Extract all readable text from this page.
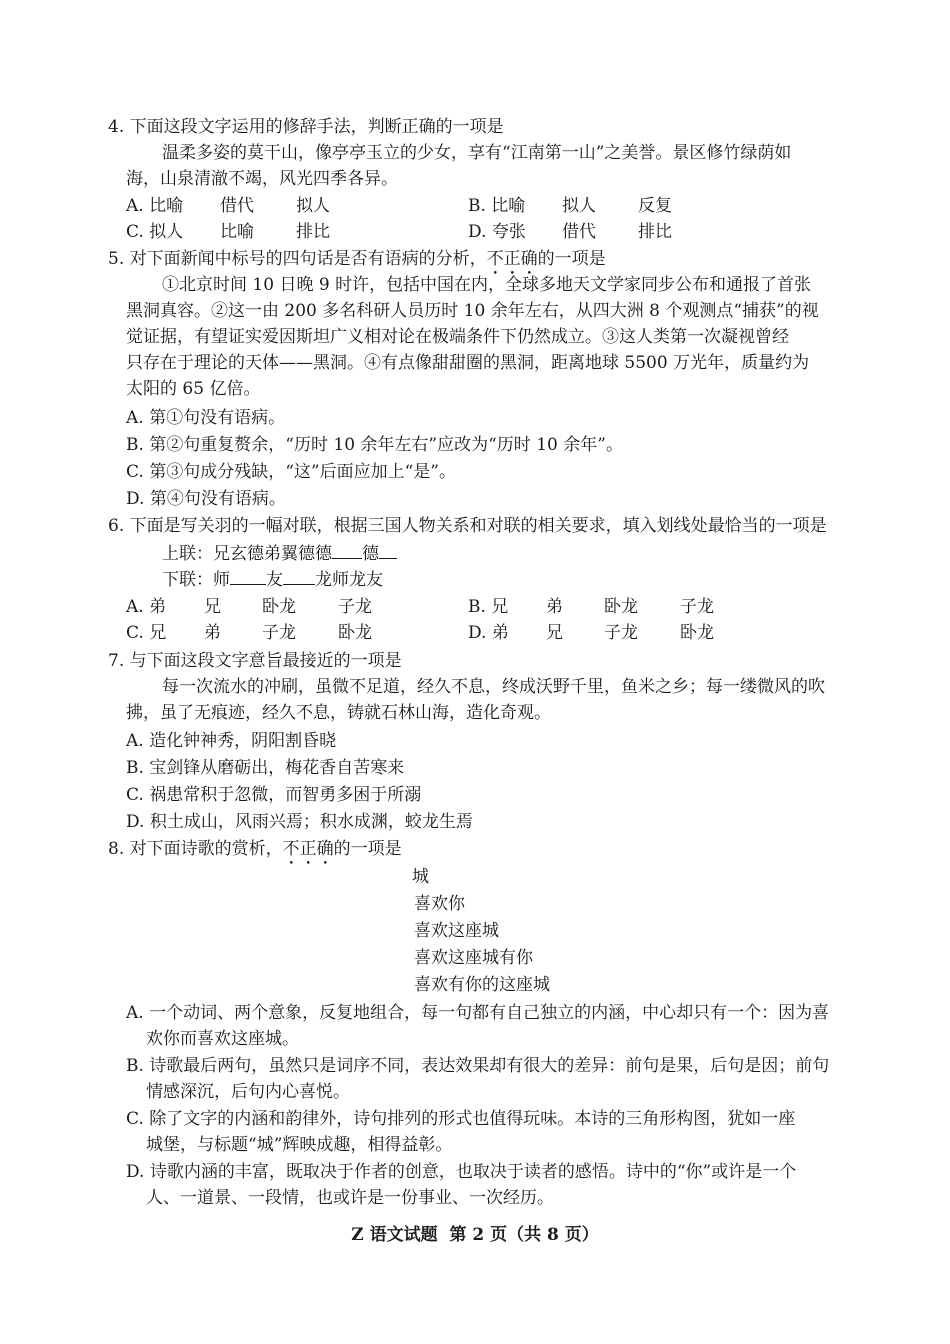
4. 下面这段文字运用的修辞手法，判断正确的一项是
温柔多姿的莫干山，像亭亭玉立的少女，享有“江南第一山”之美誉。景区修竹绿荫如
海，山泉清澈不竭，风光四季各异。
A. 比喻 借代 拟人	B. 比喻 拟人 反复
C. 拟人 比喻 排比	D. 夸张 借代 排比
5. 对下面新闻中标号的四句话是否有语病的分析，不正确的一项是
①北京时间 10 日晚 9 时许，包括中国在内，全球多地天文学家同步公布和通报了首张
黑洞真容。②这一由 200 多名科研人员历时 10 余年左右，从四大洲 8 个观测点“捕获”的视
觉证据，有望证实爱因斯坦广义相对论在极端条件下仍然成立。③这人类第一次凝视曾经
只存在于理论的天体——黑洞。④有点像甜甜圈的黑洞，距离地球 5500 万光年，质量约为
太阳的 65 亿倍。
A. 第①句没有语病。
B. 第②句重复赘余，“历时 10 余年左右”应改为“历时 10 余年”。
C. 第③句成分残缺，“这”后面应加上“是”。
D. 第④句没有语病。
6. 下面是写关羽的一幅对联，根据三国人物关系和对联的相关要求，填入划线处最恰当的一项是
上联：兄玄德弟翼德德 德
下联：师 友 龙师龙友
A. 弟 兄 卧龙 子龙	B. 兄 弟 卧龙 子龙
C. 兄 弟 子龙 卧龙	D. 弟 兄 子龙 卧龙
7. 与下面这段文字意旨最接近的一项是
每一次流水的冲刷，虽微不足道，经久不息，终成沃野千里，鱼米之乡；每一缕微风的吹
拂，虽了无痕迹，经久不息，铸就石林山海，造化奇观。
A. 造化钟神秀，阴阳割昏晓
B. 宝剑锋从磨砺出，梅花香自苦寒来
C. 祸患常积于忽微，而智勇多困于所溺
D. 积土成山，风雨兴焉；积水成渊，蛟龙生焉
8. 对下面诗歌的赏析，不正确的一项是
城
喜欢你
喜欢这座城
喜欢这座城有你
喜欢有你的这座城
A. 一个动词、两个意象，反复地组合，每一句都有自己独立的内涵，中心却只有一个：因为喜
欢你而喜欢这座城。
B. 诗歌最后两句，虽然只是词序不同，表达效果却有很大的差异：前句是果，后句是因；前句
情感深沉，后句内心喜悦。
C. 除了文字的内涵和韵律外，诗句排列的形式也值得玩味。本诗的三角形构图，犹如一座
城堡，与标题“城”辉映成趣，相得益彰。
D. 诗歌内涵的丰富，既取决于作者的创意，也取决于读者的感悟。诗中的“你”或许是一个
人、一道景、一段情，也或许是一份事业、一次经历。
Z 语文试题  第 2 页（共 8 页）
